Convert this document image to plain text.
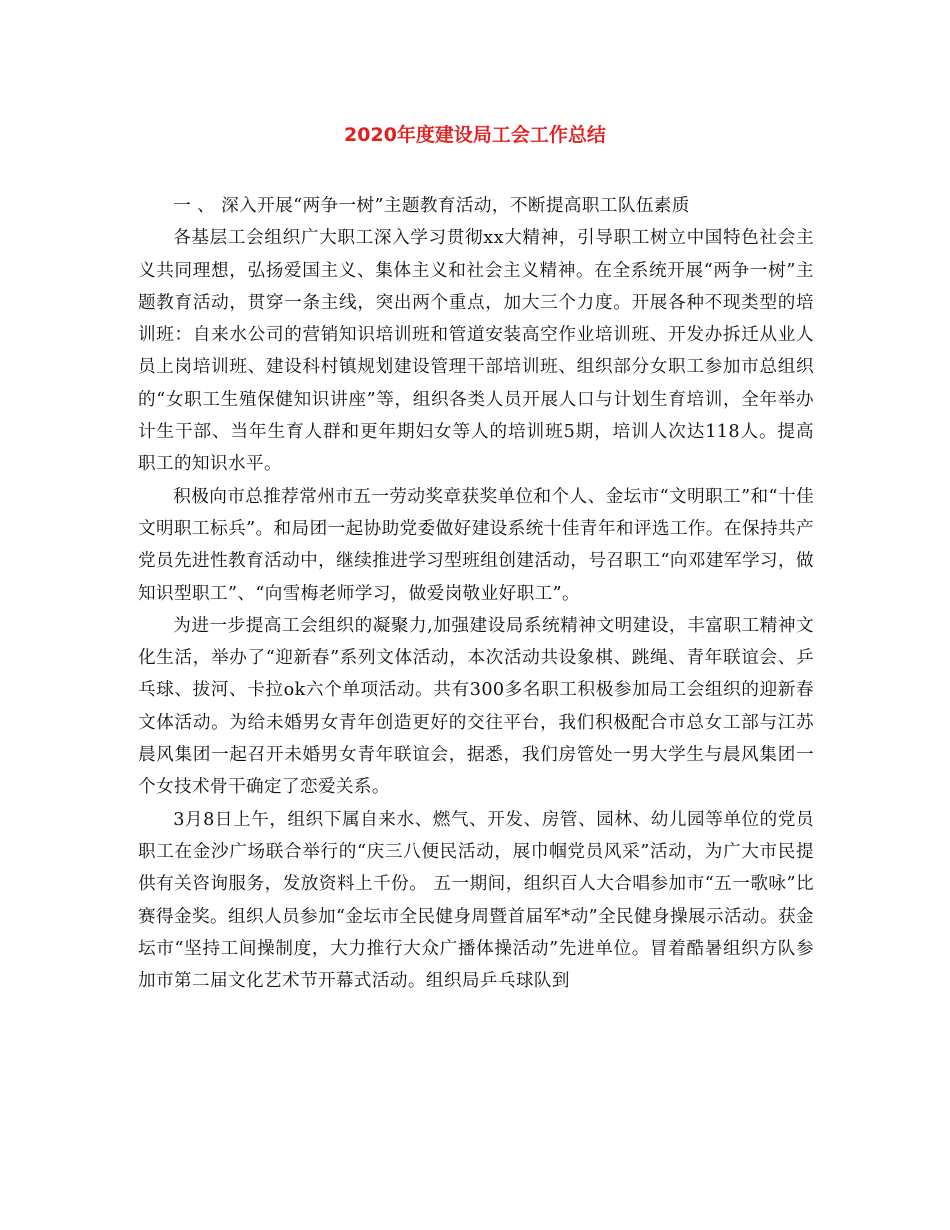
2020年度建设局工会工作总结

一 、 深入开展“两争一树”主题教育活动，不断提高职工队伍素质

各基层工会组织广大职工深入学习贯彻xx大精神，引导职工树立中国特色社会主义共同理想，弘扬爱国主义、集体主义和社会主义精神。在全系统开展“两争一树”主题教育活动，贯穿一条主线，突出两个重点，加大三个力度。开展各种不现类型的培训班：自来水公司的营销知识培训班和管道安装高空作业培训班、开发办拆迁从业人员上岗培训班、建设科村镇规划建设管理干部培训班、组织部分女职工参加市总组织的“女职工生殖保健知识讲座”等，组织各类人员开展人口与计划生育培训，全年举办计生干部、当年生育人群和更年期妇女等人的培训班5期，培训人次达118人。提高职工的知识水平。

积极向市总推荐常州市五一劳动奖章获奖单位和个人、金坛市“文明职工”和“十佳文明职工标兵”。和局团一起协助党委做好建设系统十佳青年和评选工作。在保持共产党员先进性教育活动中，继续推进学习型班组创建活动，号召职工“向邓建军学习，做知识型职工”、“向雪梅老师学习，做爱岗敬业好职工”。

为进一步提高工会组织的凝聚力,加强建设局系统精神文明建设，丰富职工精神文化生活，举办了“迎新春”系列文体活动，本次活动共设象棋、跳绳、青年联谊会、乒乓球、拔河、卡拉ok六个单项活动。共有300多名职工积极参加局工会组织的迎新春文体活动。为给未婚男女青年创造更好的交往平台，我们积极配合市总女工部与江苏晨风集团一起召开未婚男女青年联谊会，据悉，我们房管处一男大学生与晨风集团一个女技术骨干确定了恋爱关系。

3月8日上午，组织下属自来水、燃气、开发、房管、园林、幼儿园等单位的党员职工在金沙广场联合举行的“庆三八便民活动，展巾帼党员风采”活动，为广大市民提供有关咨询服务，发放资料上千份。 五一期间，组织百人大合唱参加市“五一歌咏”比赛得金奖。组织人员参加“金坛市全民健身周暨首届军*动”全民健身操展示活动。获金坛市“坚持工间操制度，大力推行大众广播体操活动”先进单位。冒着酷暑组织方队参加市第二届文化艺术节开幕式活动。组织局乒乓球队到
